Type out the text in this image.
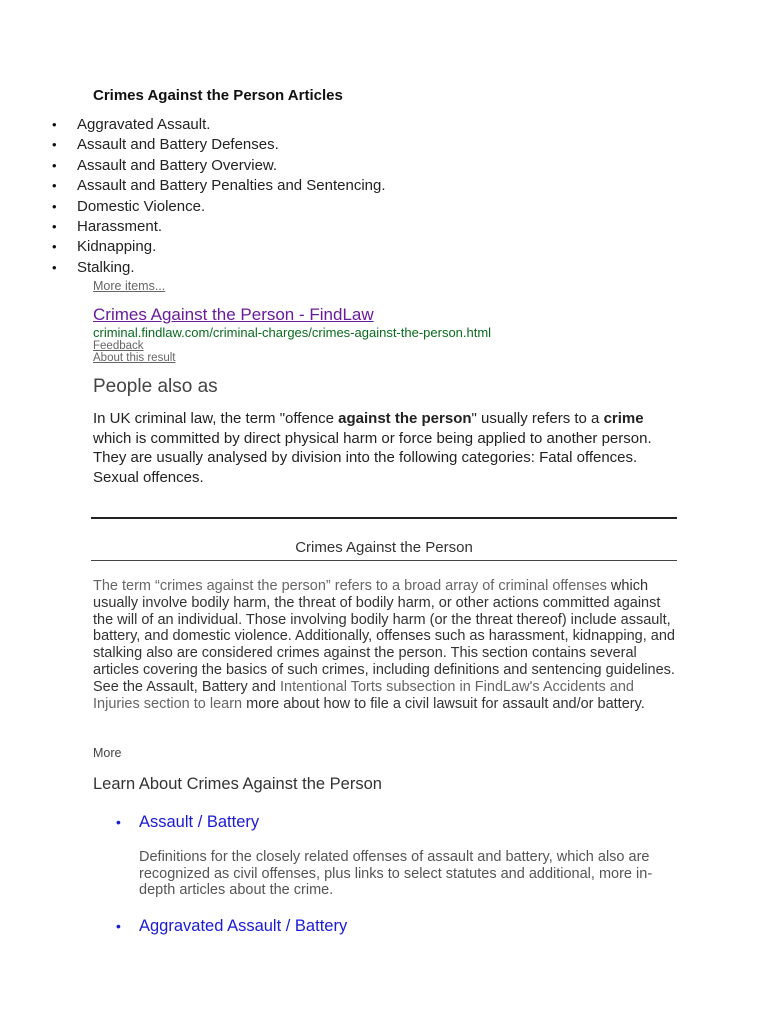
Crimes Against the Person Articles
• Aggravated Assault.
• Assault and Battery Defenses.
• Assault and Battery Overview.
• Assault and Battery Penalties and Sentencing.
• Domestic Violence.
• Harassment.
• Kidnapping.
• Stalking.
More items...
Crimes Against the Person - FindLaw
criminal.findlaw.com/criminal-charges/crimes-against-the-person.html
Feedback
About this result
People also as
In UK criminal law, the term "offence against the person" usually refers to a crime which is committed by direct physical harm or force being applied to another person. They are usually analysed by division into the following categories: Fatal offences. Sexual offences.
Crimes Against the Person
The term “crimes against the person” refers to a broad array of criminal offenses which usually involve bodily harm, the threat of bodily harm, or other actions committed against the will of an individual. Those involving bodily harm (or the threat thereof) include assault, battery, and domestic violence. Additionally, offenses such as harassment, kidnapping, and stalking also are considered crimes against the person. This section contains several articles covering the basics of such crimes, including definitions and sentencing guidelines. See the Assault, Battery and Intentional Torts subsection in FindLaw's Accidents and Injuries section to learn more about how to file a civil lawsuit for assault and/or battery.
More
Learn About Crimes Against the Person
• Assault / Battery
Definitions for the closely related offenses of assault and battery, which also are recognized as civil offenses, plus links to select statutes and additional, more in-depth articles about the crime.
• Aggravated Assault / Battery
